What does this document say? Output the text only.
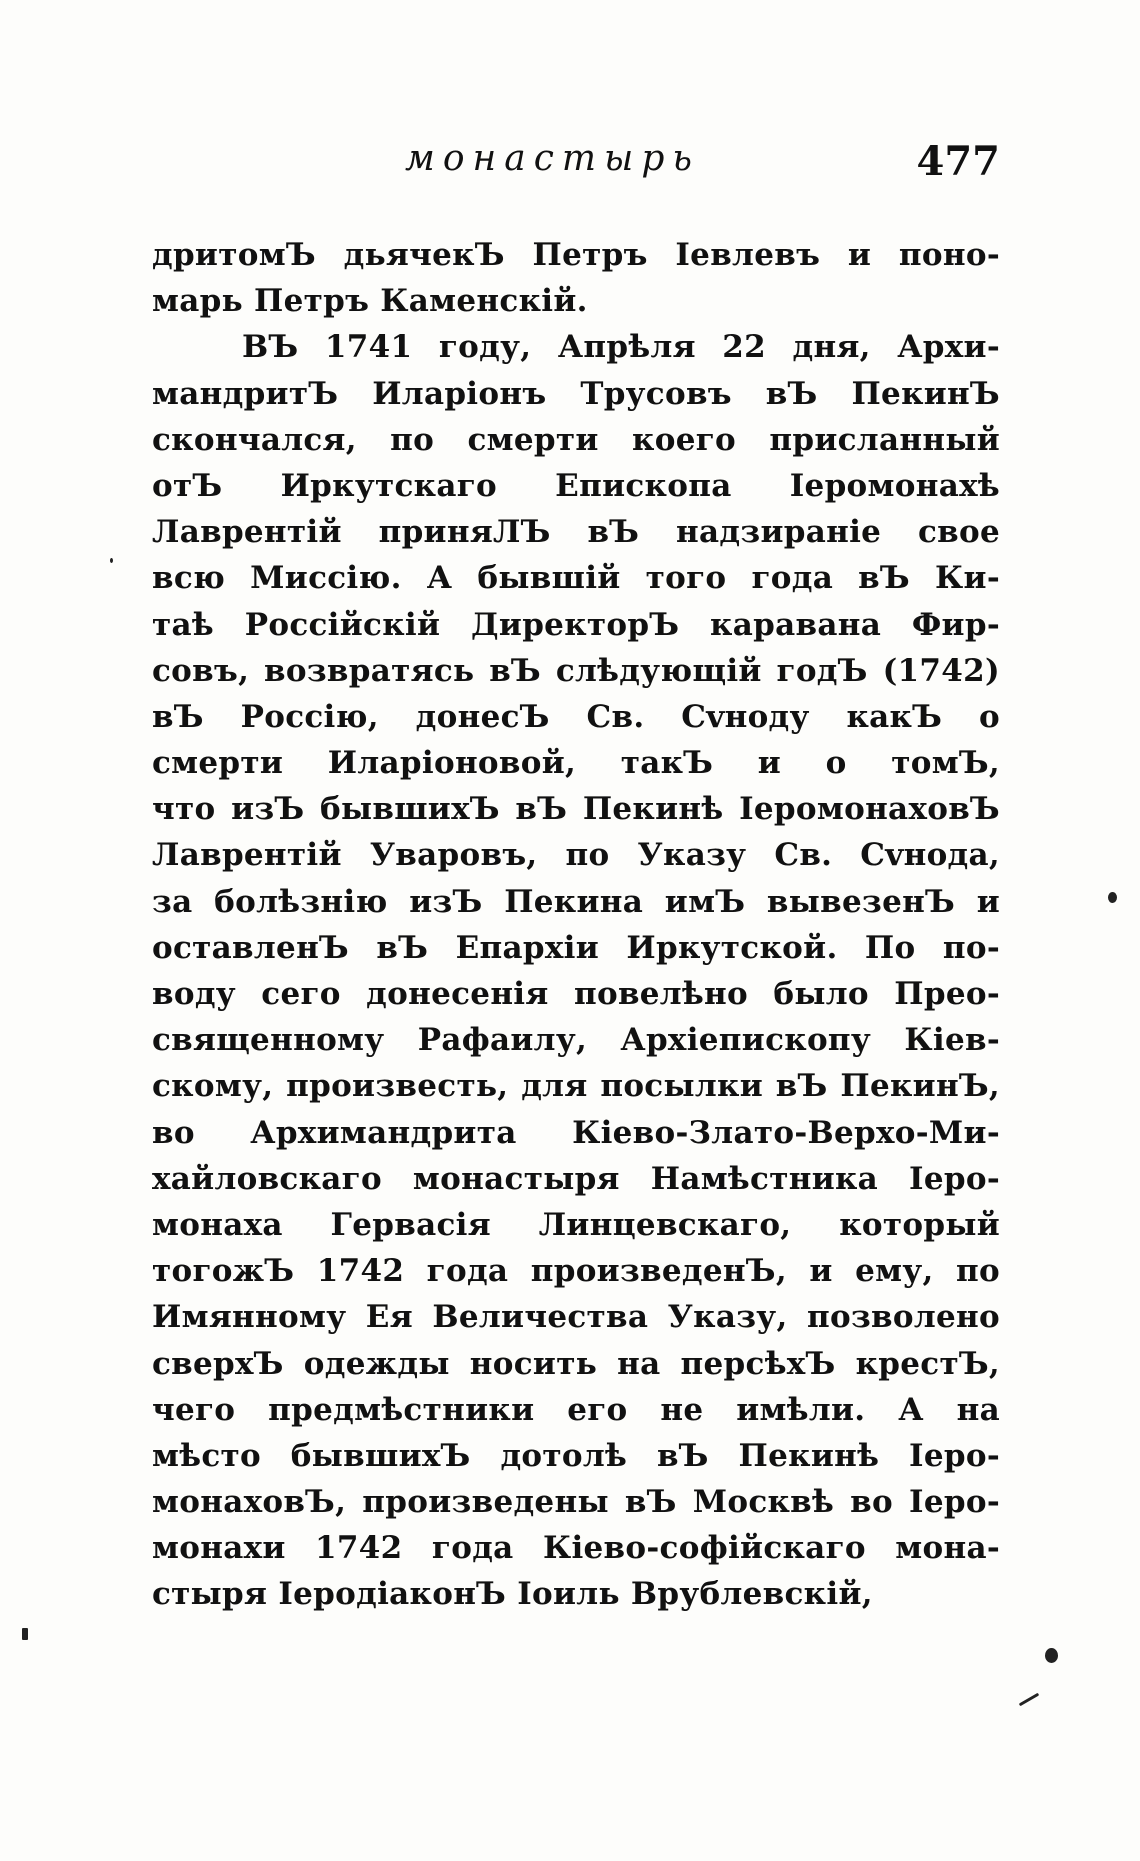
монастырь	477
дритомЪ дьячекЪ Петръ Іевлевъ и поно-
марь Петръ Каменскій.
ВЪ 1741 году, Апрѣля 22 дня, Архи-
мандритЪ Иларіонъ Трусовъ вЪ ПекинЪ
скончался, по смерти коего присланный
отЪ Иркутскаго Епископа Іеромонахѣ
Лаврентій приняЛЪ вЪ надзираніе свое
всю Миссію. А бывшій того года вЪ Ки-
таѣ Россійскій ДиректорЪ каравана Фир-
совъ, возвратясь вЪ слѣдующій годЪ (1742)
вЪ Россію, донесЪ Св. Сvноду какЪ о
смерти Иларіоновой, такЪ и о томЪ,
что изЪ бывшихЪ вЪ Пекинѣ ІеромонаховЪ
Лаврентій Уваровъ, по Указу Св. Сvнода,
за болѣзнію изЪ Пекина имЪ вывезенЪ и
оставленЪ вЪ Епархіи Иркутской. По по-
воду сего донесенія повелѣно было Прео-
священному Рафаилу, Архіепископу Кіев-
скому, произвесть, для посылки вЪ ПекинЪ,
во Архимандрита Кіево-Злато-Верхо-Ми-
хайловскаго монастыря Намѣстника Іеро-
монаха Гервасія Линцевскаго, который
тогожЪ 1742 года произведенЪ, и ему, по
Имянному Ея Величества Указу, позволено
сверхЪ одежды носить на персѣхЪ крестЪ,
чего предмѣстники его не имѣли. А на
мѣсто бывшихЪ дотолѣ вЪ Пекинѣ Іеро-
монаховЪ, произведены вЪ Москвѣ во Іеро-
монахи 1742 года Кіево-софійскаго мона-
стыря ІеродіаконЪ Іоиль Врублевскій,
